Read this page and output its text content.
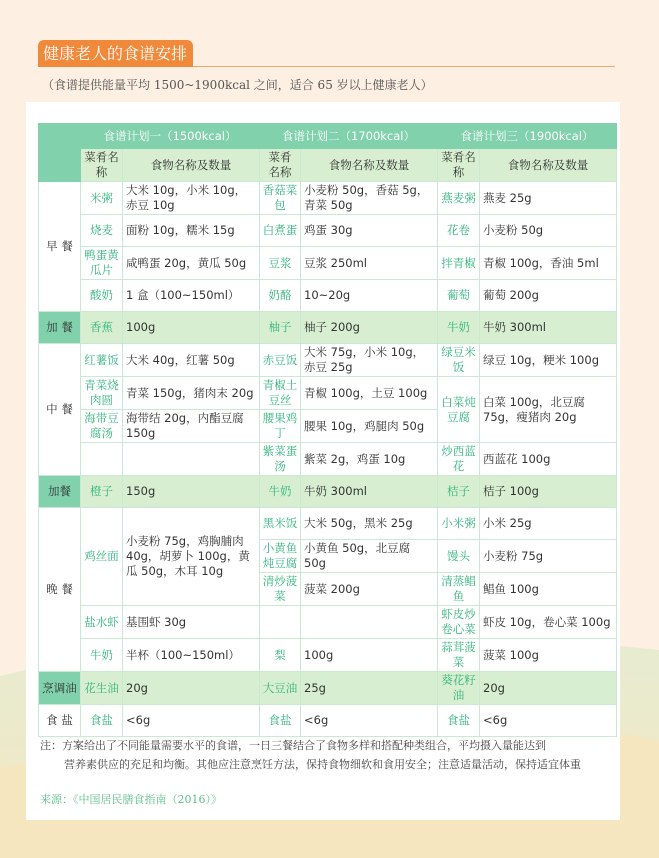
健康老人的食谱安排
（食谱提供能量平均 1500~1900kcal 之间，适合 65 岁以上健康老人）
	食谱计划一（1500kcal）		食谱计划二（1700kcal）		食谱计划三（1900kcal）	
	菜肴名称	食物名称及数量	菜肴名称	食物名称及数量	菜肴名称	食物名称及数量
早 餐	米粥	大米 10g，小米 10g，赤豆 10g	香菇菜包	小麦粉 50g，香菇 5g，青菜 50g	燕麦粥	燕麦 25g
	烧麦	面粉 10g，糯米 15g	白煮蛋	鸡蛋 30g	花卷	小麦粉 50g
	鸭蛋黄瓜片	咸鸭蛋 20g，黄瓜 50g	豆浆	豆浆 250ml	拌青椒	青椒 100g，香油 5ml
	酸奶	1 盒（100~150ml）	奶酪	10~20g	葡萄	葡萄 200g
加 餐	香蕉	100g	柚子	柚子 200g	牛奶	牛奶 300ml
中 餐	红薯饭	大米 40g，红薯 50g	赤豆饭	大米 75g，小米 10g，赤豆 25g	绿豆米饭	绿豆 10g，粳米 100g
	青菜烧肉圆	青菜 150g，猪肉末 20g	青椒土豆丝	青椒 100g，土豆 100g	白菜炖豆腐	白菜 100g，北豆腐 75g，瘦猪肉 20g
	海带豆腐汤	海带结 20g，内酯豆腐 150g	腰果鸡丁	腰果 10g，鸡腿肉 50g		
			紫菜蛋汤	紫菜 2g，鸡蛋 10g	炒西蓝花	西蓝花 100g
加餐	橙子	150g	牛奶	牛奶 300ml	桔子	桔子 100g
晚 餐	鸡丝面	小麦粉 75g，鸡胸脯肉 40g，胡萝卜 100g，黄瓜 50g，木耳 10g	黑米饭	大米 50g，黑米 25g	小米粥	小米 25g
			小黄鱼炖豆腐	小黄鱼 50g，北豆腐 50g	馒头	小麦粉 75g
			清炒菠菜	菠菜 200g	清蒸鲳鱼	鲳鱼 100g
	盐水虾	基围虾 30g			虾皮炒卷心菜	虾皮 10g，卷心菜 100g
	牛奶	半杯（100~150ml）	梨	100g	蒜茸菠菜	菠菜 100g
烹调油	花生油	20g	大豆油	25g	葵花籽油	20g
食 盐	食盐	<6g	食盐	<6g	食盐	<6g
注：方案给出了不同能量需要水平的食谱，一日三餐结合了食物多样和搭配种类组合，平均摄入量能达到
营养素供应的充足和均衡。其他应注意烹饪方法，保持食物细软和食用安全；注意适量活动，保持适宜体重
来源：《中国居民膳食指南（2016）》
